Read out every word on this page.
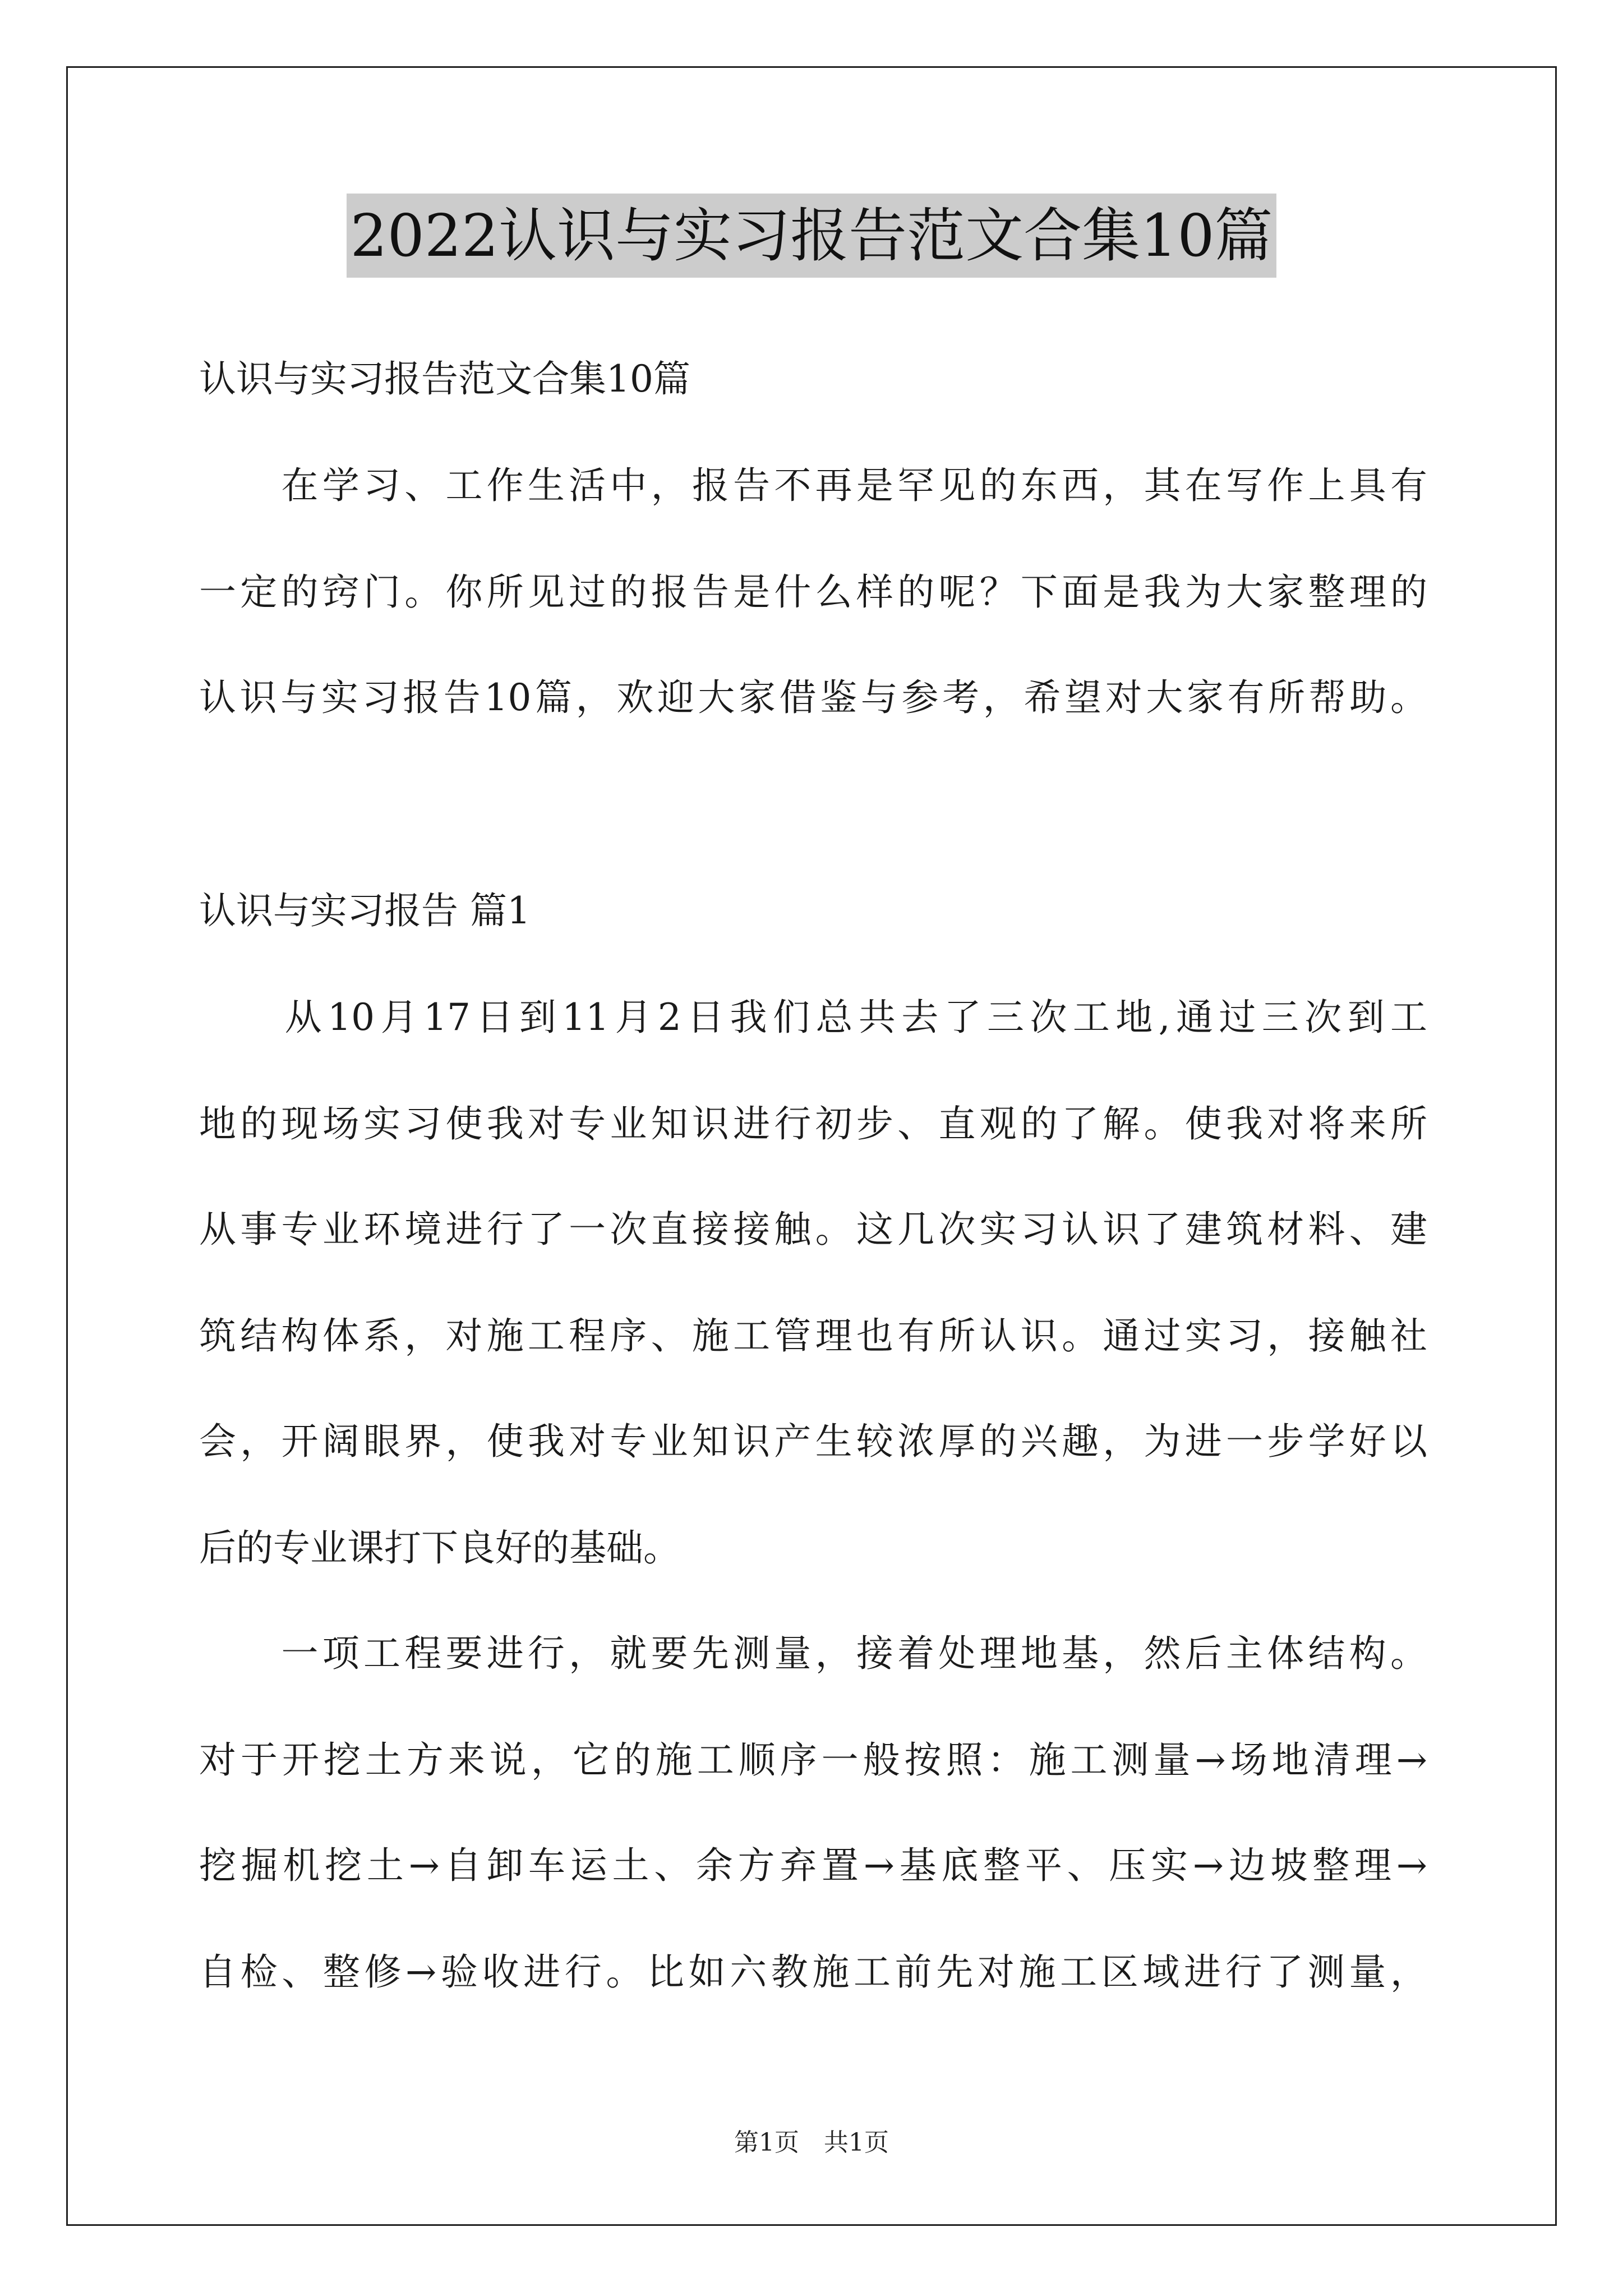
2022认识与实习报告范文合集10篇
认识与实习报告范文合集10篇
　　在学习、工作生活中，报告不再是罕见的东西，其在写作上具有
一定的窍门。你所见过的报告是什么样的呢？下面是我为大家整理的
认识与实习报告10篇，欢迎大家借鉴与参考，希望对大家有所帮助。
认识与实习报告 篇1
　　从10月17日到11月2日我们总共去了三次工地,通过三次到工
地的现场实习使我对专业知识进行初步、直观的了解。使我对将来所
从事专业环境进行了一次直接接触。这几次实习认识了建筑材料、建
筑结构体系，对施工程序、施工管理也有所认识。通过实习，接触社
会，开阔眼界，使我对专业知识产生较浓厚的兴趣，为进一步学好以
后的专业课打下良好的基础。
　　一项工程要进行，就要先测量，接着处理地基，然后主体结构。
对于开挖土方来说，它的施工顺序一般按照：施工测量→场地清理→
挖掘机挖土→自卸车运土、余方弃置→基底整平、压实→边坡整理→
自检、整修→验收进行。比如六教施工前先对施工区域进行了测量，
第1页　共1页
